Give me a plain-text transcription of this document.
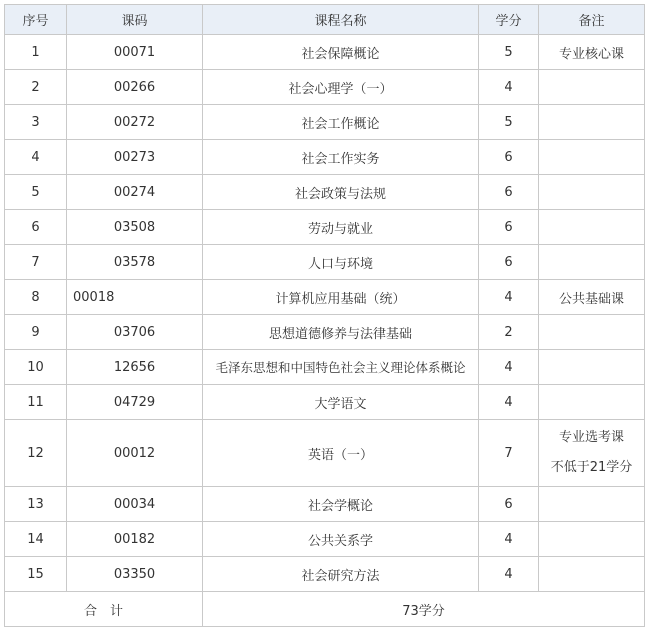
序号	课码	课程名称	学分	备注
1	00071	社会保障概论	5	专业核心课
2	00266	社会心理学（一）	4	
3	00272	社会工作概论	5	
4	00273	社会工作实务	6	
5	00274	社会政策与法规	6	
6	03508	劳动与就业	6	
7	03578	人口与环境	6	
8	00018	计算机应用基础（统）	4	公共基础课
9	03706	思想道德修养与法律基础	2	
10	12656	毛泽东思想和中国特色社会主义理论体系概论	4	
11	04729	大学语文	4	
12	00012	英语（一）	7	专业选考课
不低于21学分

13	00034	社会学概论	6	
14	00182	公共关系学	4	
15	03350	社会研究方法	4	
合　计		73学分		
